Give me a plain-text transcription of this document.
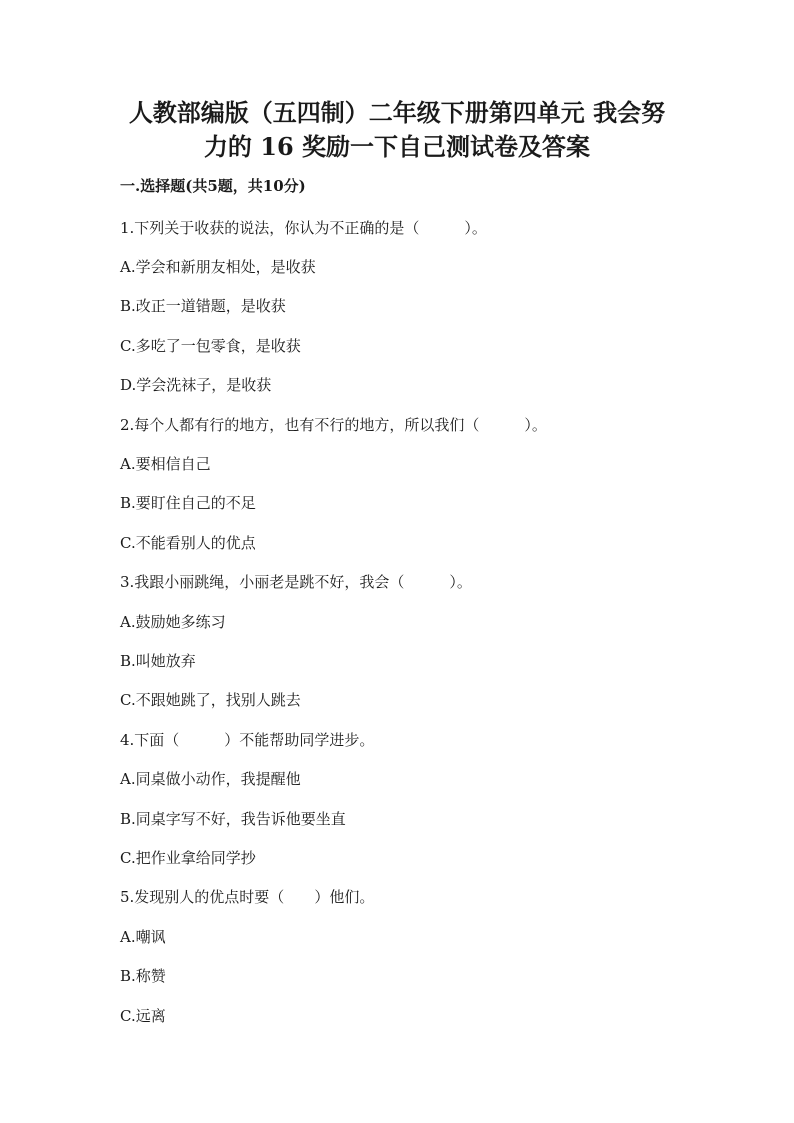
人教部编版（五四制）二年级下册第四单元 我会努
力的 16 奖励一下自己测试卷及答案

一.选择题(共5题，共10分)

1.下列关于收获的说法，你认为不正确的是（　　　）。

A.学会和新朋友相处，是收获

B.改正一道错题，是收获

C.多吃了一包零食，是收获

D.学会洗袜子，是收获

2.每个人都有行的地方，也有不行的地方，所以我们（　　　）。

A.要相信自己

B.要盯住自己的不足

C.不能看别人的优点

3.我跟小丽跳绳，小丽老是跳不好，我会（　　　）。

A.鼓励她多练习

B.叫她放弃

C.不跟她跳了，找别人跳去

4.下面（　　　）不能帮助同学进步。

A.同桌做小动作，我提醒他

B.同桌字写不好，我告诉他要坐直

C.把作业拿给同学抄

5.发现别人的优点时要（　　）他们。

A.嘲讽

B.称赞

C.远离
